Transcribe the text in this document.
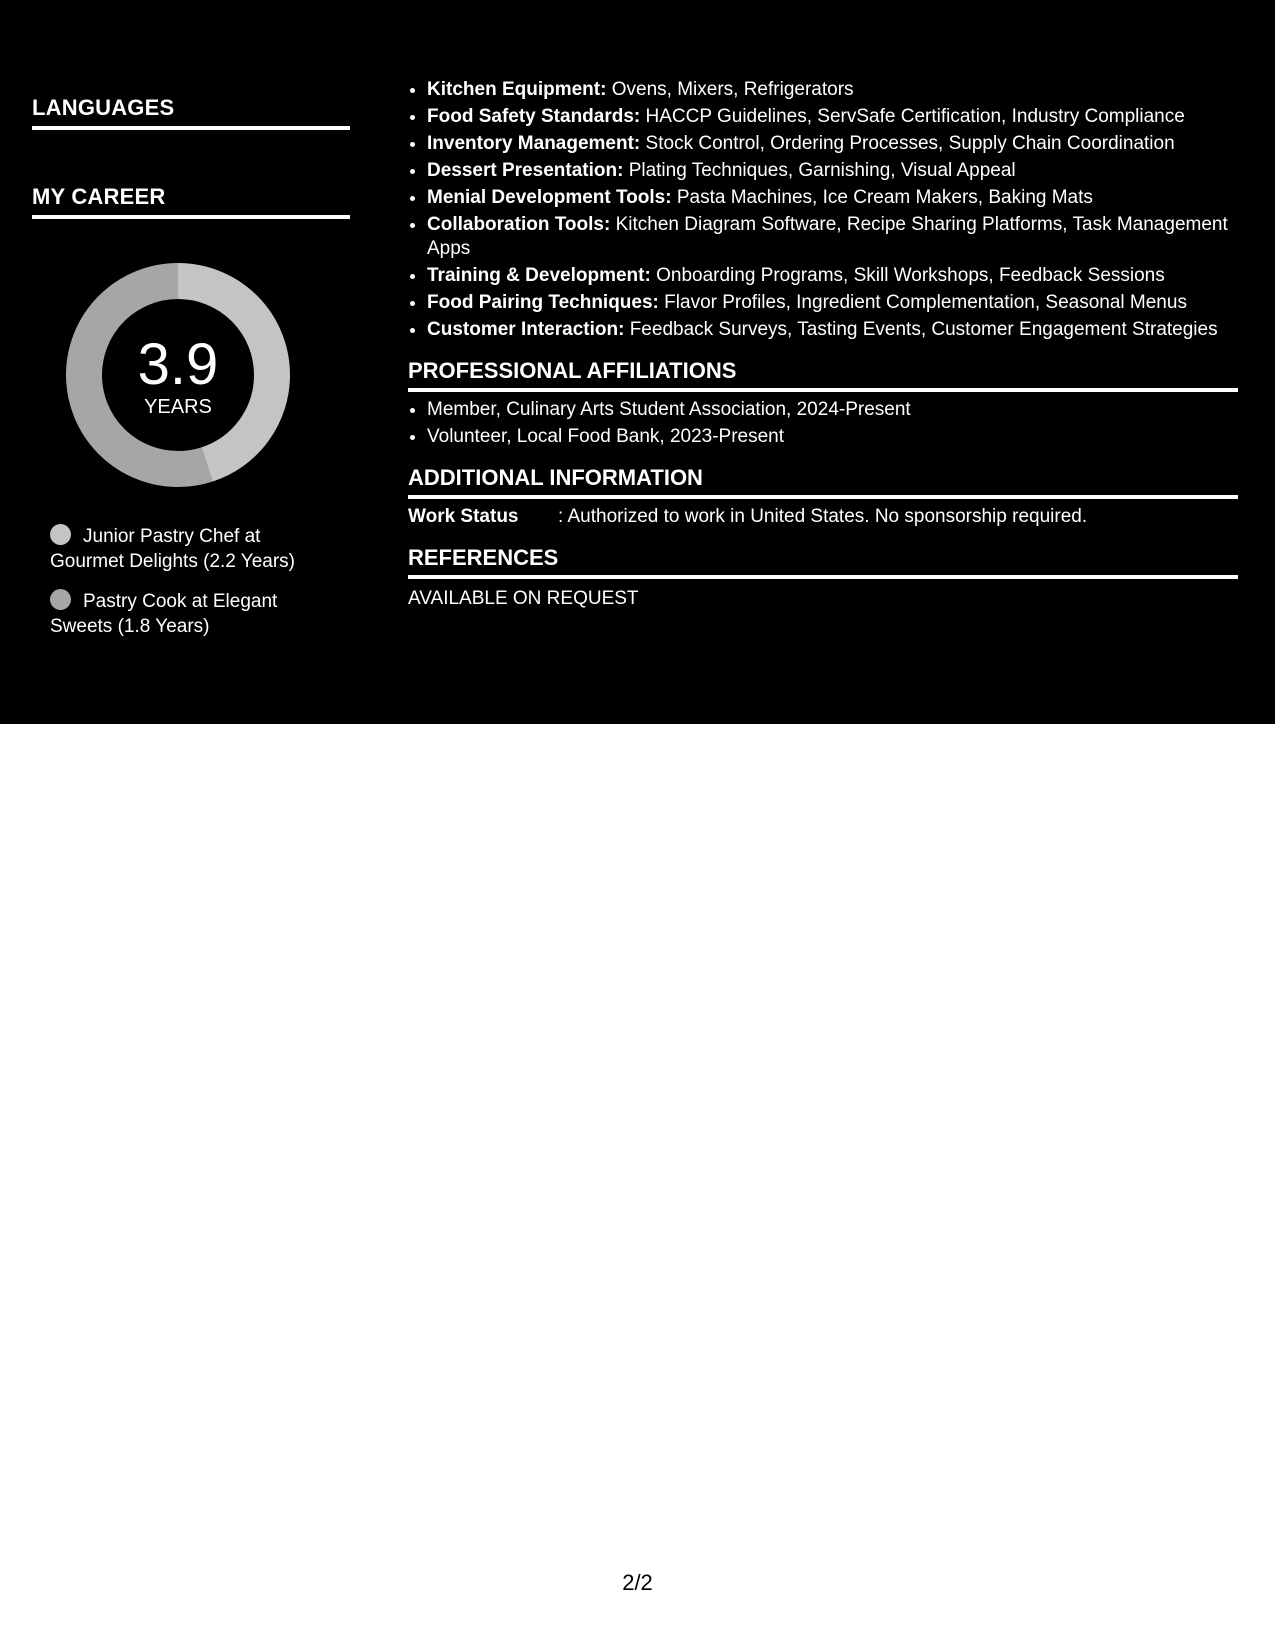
LANGUAGES
MY CAREER
3.9
YEARS
Junior Pastry Chef at Gourmet Delights (2.2 Years)
Pastry Cook at Elegant Sweets (1.8 Years)
• Kitchen Equipment: Ovens, Mixers, Refrigerators
• Food Safety Standards: HACCP Guidelines, ServSafe Certification, Industry Compliance
• Inventory Management: Stock Control, Ordering Processes, Supply Chain Coordination
• Dessert Presentation: Plating Techniques, Garnishing, Visual Appeal
• Menial Development Tools: Pasta Machines, Ice Cream Makers, Baking Mats
• Collaboration Tools: Kitchen Diagram Software, Recipe Sharing Platforms, Task Management Apps
• Training & Development: Onboarding Programs, Skill Workshops, Feedback Sessions
• Food Pairing Techniques: Flavor Profiles, Ingredient Complementation, Seasonal Menus
• Customer Interaction: Feedback Surveys, Tasting Events, Customer Engagement Strategies
PROFESSIONAL AFFILIATIONS
• Member, Culinary Arts Student Association, 2024-Present
• Volunteer, Local Food Bank, 2023-Present
ADDITIONAL INFORMATION
Work Status	: Authorized to work in United States. No sponsorship required.
REFERENCES
AVAILABLE ON REQUEST
2/2
